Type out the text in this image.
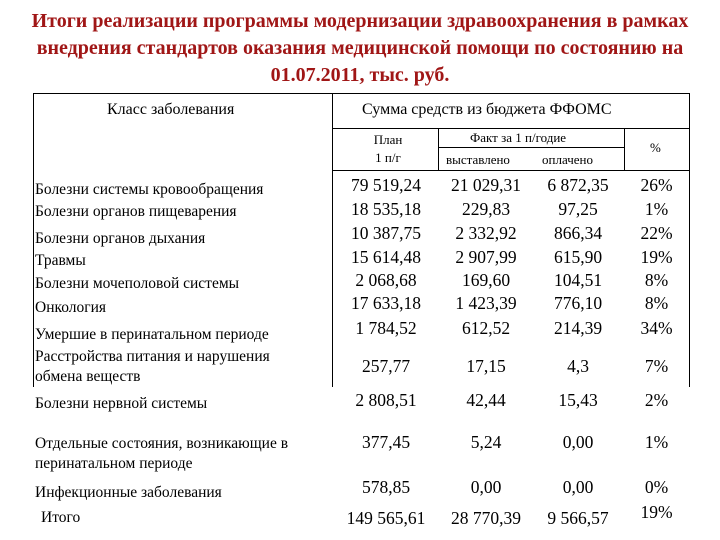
Итоги реализации программы модернизации здравоохранения в рамках внедрения стандартов оказания медицинской помощи по состоянию на 01.07.2011, тыс. руб.
Класс заболевания	Сумма средств из бюджета ФФОМС
План
1 п/г
Факт за 1 п/годие
выставлено оплачено
%
Болезни системы кровообращения
Болезни органов пищеварения
Болезни органов дыхания
Травмы
Болезни мочеполовой системы
Онкология
Умершие в перинатальном периоде
Расстройства питания и нарушения обмена веществ
Болезни нервной системы
Отдельные состояния, возникающие в перинатальном периоде
Инфекционные заболевания
Итого
79 519,24
18 535,18
10 387,75
15 614,48
2 068,68
17 633,18
1 784,52
257,77
2 808,51
377,45
578,85
149 565,61
21 029,31
229,83
2 332,92
2 907,99
169,60
1 423,39
612,52
17,15
42,44
5,24
0,00
28 770,39
6 872,35
97,25
866,34
615,90
104,51
776,10
214,39
4,3
15,43
0,00
0,00
9 566,57
26%
1%
22%
19%
8%
8%
34%
7%
2%
1%
0%
19%
